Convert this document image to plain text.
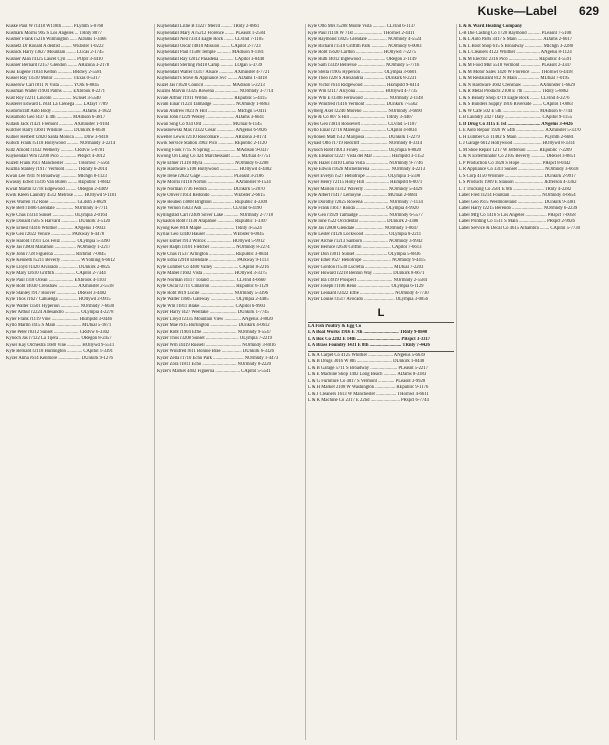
Kuske—Label 629
Kuske Paul W r1418 W118th ......... PLymth 5-0768
Kusmark Morris 905 S Los Angeles ... TRnty 8077
Kusmer Frank r5216 Wilmington ...... ADams 1-3466
Kusnetz Dr Ronald A dentist ......... WEbster 1-0222
Kusnick Harry r3627 Mountain ........ LUcas 2-1745
Kusnier Alan r4125 Laurel Cyn ........ POplr 3-4410
Kusnier Bernard r2157 Glendon ........ ARizona 3-2178
Kuss Eugene r1834 Kelton ............ BRdwy 2-5581
Kussel Ray r3510 Motor ................ TExas 0-5317
Kusserow Carl r811 N Vista ........... YOrk 6-8845
Kussman Walter r1904 Palms ........ EXbrook 8-2271
Kust Roy r2211 Lincoln ................ SUnset 3-5540
Kusterer Edward L r834 La Cienega ...... LAfayt 7789
Kustomcraft Auto Body ......................... ADams 3-1822
Kusumoto Geo r437 E 4th ............. MAdison 6-3817
Kutash Jack r1421 Fremont ............ AXminster 1-9104
Kutcher Harry r3601 Wilshire ........ DUnkirk 8-6630
Kutner Herbert r2820 Santa Monica ....... Dlrw 3-9418
Kutsch Frank r5118 Hollywood .......... NOrmandy 3-2214
Kutz Arnold r1432 Wetherly ........... CRstvw 5-0781
Kuykendall Wm r2200 Pico .............. PRspct 4-3012
Kuzell Frank r611 Manchester ........... THornwl 7-5561
Kuzma Stanley r1917 Vermont .......... TRinity 6-2014
Kwan Lee r941 N Broadway ............. MIchgn 8-1123
Kwasny Edwd r3316 Van Buren ........ REpublic 1-8842
Kwiat Martin r2718 Edgewood ......... ORegon 2-4409
Kwik Kleen Laundry 4512 Melrose ........ HOllywd 9-1181
Kyes Warren r12 Rose ....................... GLdstn 3-8829
Kyle Bert r1806 Glendale ............... NOrmndy 4-7711
Kyle Chas r3314 Sunset .................. OLympia 2-0164
Kyle Donald r505 S Harvard .............. DUnkirk 3-5120
Kyle Ernest r4416 Whittier ............. ANgelus 1-9033
Kyle Geo r2022 Venice ................. PArkway 6-4478
Kyle Harold r1911 Los Feliz ............. OLympia 5-3390
Kyle Jas r3804 Marathon .................. NOrmndy 1-2217
Kyle John r728 Figueroa .................. RIchmd 7-0045
Kyle Kenneth r5211 Beverly ................ WYoming 6-6612
Kyle Lloyd r1420 Alvarado ................ DUnkirk 2-8825
Kyle Mary r2610 Griffith ................. CApitol 2-7344
Kyle Paul r318 Ocean ..................... EXbrook 4-1103
Kyle Robt r4030 Crenshaw ................ AXminster 2-5518
Kyle Stanley r917 Hoover ................. DRexel 3-4482
Kyle Thos r1627 Cahuenga ................ HOllywd 2-0915
Kyle Walter r3501 Hyperion ................ NOrmndy 7-6630
Kyler Arthur r2224 Allesandro ............. OLympia 4-2278
Kyler Frank r1119 Vine ....................... HEmpstd 3-0446
Kyllo Martin r415 S Main ..................... MUtual 5-1871
Kyne Peter r8312 Sunset ..................... CRstvw 6-3302
Kynoch Jas r7122 La Tijera .................. ORegon 8-2457
Kyser Kay Orchestra 1680 Vine ............ HOllywd 9-5511
Kyte Bernard r2118 Huntington ............. CApitol 1-3391
Kyzer Alma r614 Kenmore ................... DUnkirk 9-1276
Kuykendall Lillie B r3227 Mercd ......... TRnty 2-0861
Kuykendall Mary A r5212 Florence ........ PLeasnt 1-2584
Kuykendall Neil r3314 Eagle Rock ........ CLvlnd 7-1105
Kuykendall Oscar r4810 Mission ........ CApitol 2-7723
Kuykendall Paul r1508 Temple ............ MAdison 9-1181
Kuykendall Ray r2812 Pasadena ............ CApitol 3-8440
Kuykendall Sterling r6418 Camp ........... LOgan 5-3739
Kuykendall Walter r3317 Alsace ............ AXminster 4-7721
Kuykendall's Stove & Appliance Svc ........ ADams 1-4418
Kuzel Jas r1620 Council ....................... MAdison 5-2213
Kuzins Marvin r3325 Rowena .................... NOrmndy 3-7714
Kvale Arthur r1911 Wilton ..................... REpublic 5-4415
Kvam Einar r1224 Talmadge ................... NOrmndy 1-8863
Kwan Andrew r823 N Hill ........................ MIchgn 5-0411
Kwan John r1229 Wesley ........................ ADams 3-6641
Kwan Sing Co 934 Ord ......................... MUtual 6-1145
Kwasniewski Max r3322 Cesar ............... ANgelus 6-9926
Kweller Lewis r2110 Roscomare ............ ARizona 3-0174
Kwik Service Station 3902 Pico ............. REpublic 2-1120
Kwong Fook r715 N Spring ..................... MAdison 9-0337
Kwong On Lung Co 424 Marchessault ........ MUtual 4-7751
Kyle Elmer r1318 Myra .......................... NOrmndy 6-2208
Kyle Hardware 5108 Hollywood ................ HOllywd 4-4402
Kyle Irene r2822 Gage ........................... PLeasnt 3-2186
Kyle Morris r4118 Norton ....................... AXminster 8-1534
Kyle Norman r736 Fedora ..................... DUnkirk 5-2870
Kyle Oliver r1614 Redondo ................... WEbster 2-6615
Kyle Reuben r3808 Brighton .................. REpublic 4-3309
Kyle Vernon r5623 Ash ......................... CLvlnd 6-4190
Kyllingstad Carl r2409 Silver Lake ............ NOrmndy 2-7718
Kynaston Robt r1130 Arapahoe .............. REpublic 1-3307
Kyong Kee r818 Maple ........................... TRnty 4-5524
Kyrias Geo r2440 Hauser ...................... WEbster 6-0045
Kyser Esther r913 Wilcox ..................... HOllywd 5-9912
Kyser Ralph r3101 Fletcher ..................... NOrmndy 8-2274
Kyte Chas r1537 Arlington ...................... REpublic 3-8844
Kyte Edna r2918 Ellendale ....................... PArkway 9-1113
Kyte Lumber Co 4400 Valley ..................... CApitol 8-2216
Kyte Mabel r1602 Vista .......................... HOllywd 3-3375
Kyte Norman r4117 Toland ...................... CLvlnd 4-6660
Kyte Oscar r2711 Cimarron ..................... REpublic 6-1129
Kyte Robt r819 Lucile ............................ NOrmndy 5-3396
Kyte Walter r3605 Gateway ..................... OLympia 2-4485
Kyte Wm r1811 Blake ............................. CApitol 6-9903
Kyzer Harry r427 Westlake ....................... DUnkirk 1-7745
Kyzer Lloyd r2335 Mountain View .............. ANgelus 3-8820
Kyzer Mae r615 Burlington ....................... DUnkirk 4-0612
Kyzer Robt r1904 Effie ............................. NOrmndy 9-5547
Kyzer Thos r3208 Sunset ............................ OLympia 7-2219
Kyzer Wm r4419 Russell .............................. NOrmndy 3-8816
Kyzer Winifred r611 Bonnie Brae ................. DUnkirk 6-3326
Kyzer Zella r1710 Echo Park .......................... NOrmndy 1-4473
Kyzer Zora r1811 Echo ............................. NOrmndy 8-2220
Kyzer's Market 4402 Figueroa ..................... CApitol 5-5541
Kyle Otto Mrs r5208 Monte Vista ........... CLvlnd 6-1137
Kyle Paul r1118 W 71st ........................ THornwl 2-4411
Kyle Raymond r3025 Glendale ................ NOrmndy 4-5524
Kyle Richard r1510 Griffith Park ............. NOrmndy 6-0083
Kyle Robt r5620 Carlton ....................... HOllywd 7-2275
Kyle Ruth r4012 Inglewood .................... ORegon 2-1149
Kyle Sam r3339 Bellevue ....................... NOrmndy 5-7716
Kyle Stella r1905 Hyperion ................... OLympia 3-6601
Kyle Theo r228 S Alexandria ................. DUnkirk 8-2231
Kyle Victor r614 Ridgewood ................... HEmpstd 9-0414
Kyle Wm r2117 Alcyona ........................ HOllywd 4-7735
Kyle Wm E r3306 Fernwood ..................... NOrmndy 2-1148
Kyle Winifred r1416 Vermont ................. DUnkirk 7-5562
Kylberg Axel r2240 Moreno ..................... NOrmndy 3-6690
Kyle & Co 807 S Hill .............................. TRnty 3-4407
Kyles Geo r3814 Roosevelt ...................... CLvlnd 5-1187
Kyllo Einar r2716 Marengo ..................... CApitol 4-8834
Kyllonen Matt r512 Mariposa ................... DUnkirk 1-2279
Kynast Otto r1719 Redcliff ....................... NOrmndy 8-3314
Kynoch Robt r4013 Finley ........................ OLympia 6-8820
Kyrk Eleanor r2227 Vista del Mar ............... HEmpstd 3-1152
Kyrk Hazel r3410 Loma Vista ................... NOrmndy 9-7746
Kyse Edwin r1626 Micheltorena ................. NOrmndy 4-2213
Kyser Evelyn r527 Heliotrope .................. OLympia 1-5590
Kyser Henry r2115 Holly Hill .................... HEmpstd 6-0071
Kyser Marion r3312 Waverly .................... NOrmndy 5-4429
Kyte Albert r1417 Lemoyne ..................... MUtual 2-6684
Kyte Dorothy r2825 Rowena ..................... NOrmndy 7-1134
Kyte Frank r3617 Ronda ......................... OLympia 4-9920
Kyte Geo r1929 Talmadge ......................... NOrmndy 6-5577
Kyte Ione r522 Occidental ....................... DUnkirk 2-3386
Kyte Jas r2808 Glendale ........................ NOrmndy 1-0047
Kyte Lester r4126 Lockwood .................... OLympia 8-2211
Kyzer Archie r1213 Sanborn ..................... NOrmndy 3-9942
Kyzer Bernice r2630 Griffin ........................ CApitol 7-6613
Kyzer Don r3011 Sunset ........................... OLympia 5-8836
Kyzer Ethel r627 Heliotrope ........................ NOrmndy 9-4415
Kyzer Gordon r1530 Lucretia ........................ MUtual 7-2203
Kyzer Howard r2218 Benton Way ................ DUnkirk 8-6671
Kyzer Ida r3919 Prospect .............................. NOrmndy 2-5584
Kyzer Joseph r1106 Reno ............................ OLympia 6-1129
Kyzer Leonard r2422 Effie ............................. NOrmndy 4-7730
Kyzer Louise r3517 Avocado .......................... OLympia 3-0056
L
LA Fish Poultry & Egg Co
L A Boat Works 1916 E 7th .............................. TRnty 9-8840
L A Box Co 2202 E 14th ..................................... PRspct 3-3317
L A Brass Foundry 1431 E 8th ........................... TRnty 7-4426
L & A Carpet Co 4125 Whittier ..................... ANgelus 5-6639
L & B Drugs 3016 W 8th .............................. DUnkirk 1-0448
L & B Garage 5711 S Broadway ....................... PLeasnt 5-2217
L & E Machine Shop 1402 Long Beach ........... ADams 8-3383
L & G Furniture Co 4817 S Vermont .............. PLeasnt 3-9928
L & H Market 2108 W Washington ................. REpublic 9-1176
L & J Cleaners 1613 W Manchester ................. THornwl 4-6611
L & K Machine Co 2317 E 22nd ......................... PRspct 6-7744
L & K Ward Heating Company
L-B Die Casting Co 1720 Raymond ........... PLeasnt 7-5108
L & L Auto Parts 3417 S Main ..................... ADams 2-6617
L & L Boot Shop 615 S Broadway ............... MIchgn 3-2280
L & L Cleaners 4122 Whittier .................... ANgelus 8-1124
L & M Electric 2316 Pico ......................... REpublic 4-5591
L & M Food Mkt 5518 Vermont ................. PLeasnt 2-3347
L & M Motor Sales 1420 W Florence ........ THornwl 6-4418
L & M Restaurant 812 N Main .................. MUtual 7-0195
L & N Hardware 3602 Crenshaw .............. AXminster 1-6629
L & R Metal Products 2108 E 7th ............... TRnty 5-8862
L & S Beauty Shop 4719 Eagle Rock ........ CLvlnd 4-2276
L & S Builders Supply 1816 Riverside ........ CApitol 1-0083
L & W Cafe 502 E 5th ............................... MAdison 6-7744
L B Laundry 2427 Daly ............................... CApitol 9-1155
L D Drug Co 3115 E 1st ............................ ANgelus 3-4426
L E Auto Repair 1926 W 54th ........................ AXminster 5-3370
L H Lumber Co 11402 S Main ...................... PLymth 2-6681
L J Garage 6612 Hollywood ........................ HOllywd 8-3314
L M Shoe Repair 1217 W Jefferson .......... REpublic 7-2209
L & N Exterminator Co 2105 Beverly ............ DRexel 3-8851
L P Production Co 1828 S Hope .................. PRspct 8-0442
L R Appliance Co 3311 Sunset ...................... NOrmndy 3-6618
L S Corp 4150 Wilshire ................................. DUnkirk 2-9917
L S Products 1909 E Slauson ........................ JEfferson 4-3362
L T Trucking Co 2501 E 8th .......................... TRnty 4-2282
Label Fred r3214 Fountain .......................... NOrmndy 4-6654
Label Geo r615 Westmoreland ...................... DUnkirk 9-3381
Label Harry r2215 Berendo .......................... NOrmndy 6-2239
Label Mfg Co 1416 S Los Angeles .................. PRspct 7-0058
Label Printing Co 1511 S Main ....................... PRspct 2-9926
Label Service & Decal Co 4615 Alhambra ........ CApitol 5-7730
